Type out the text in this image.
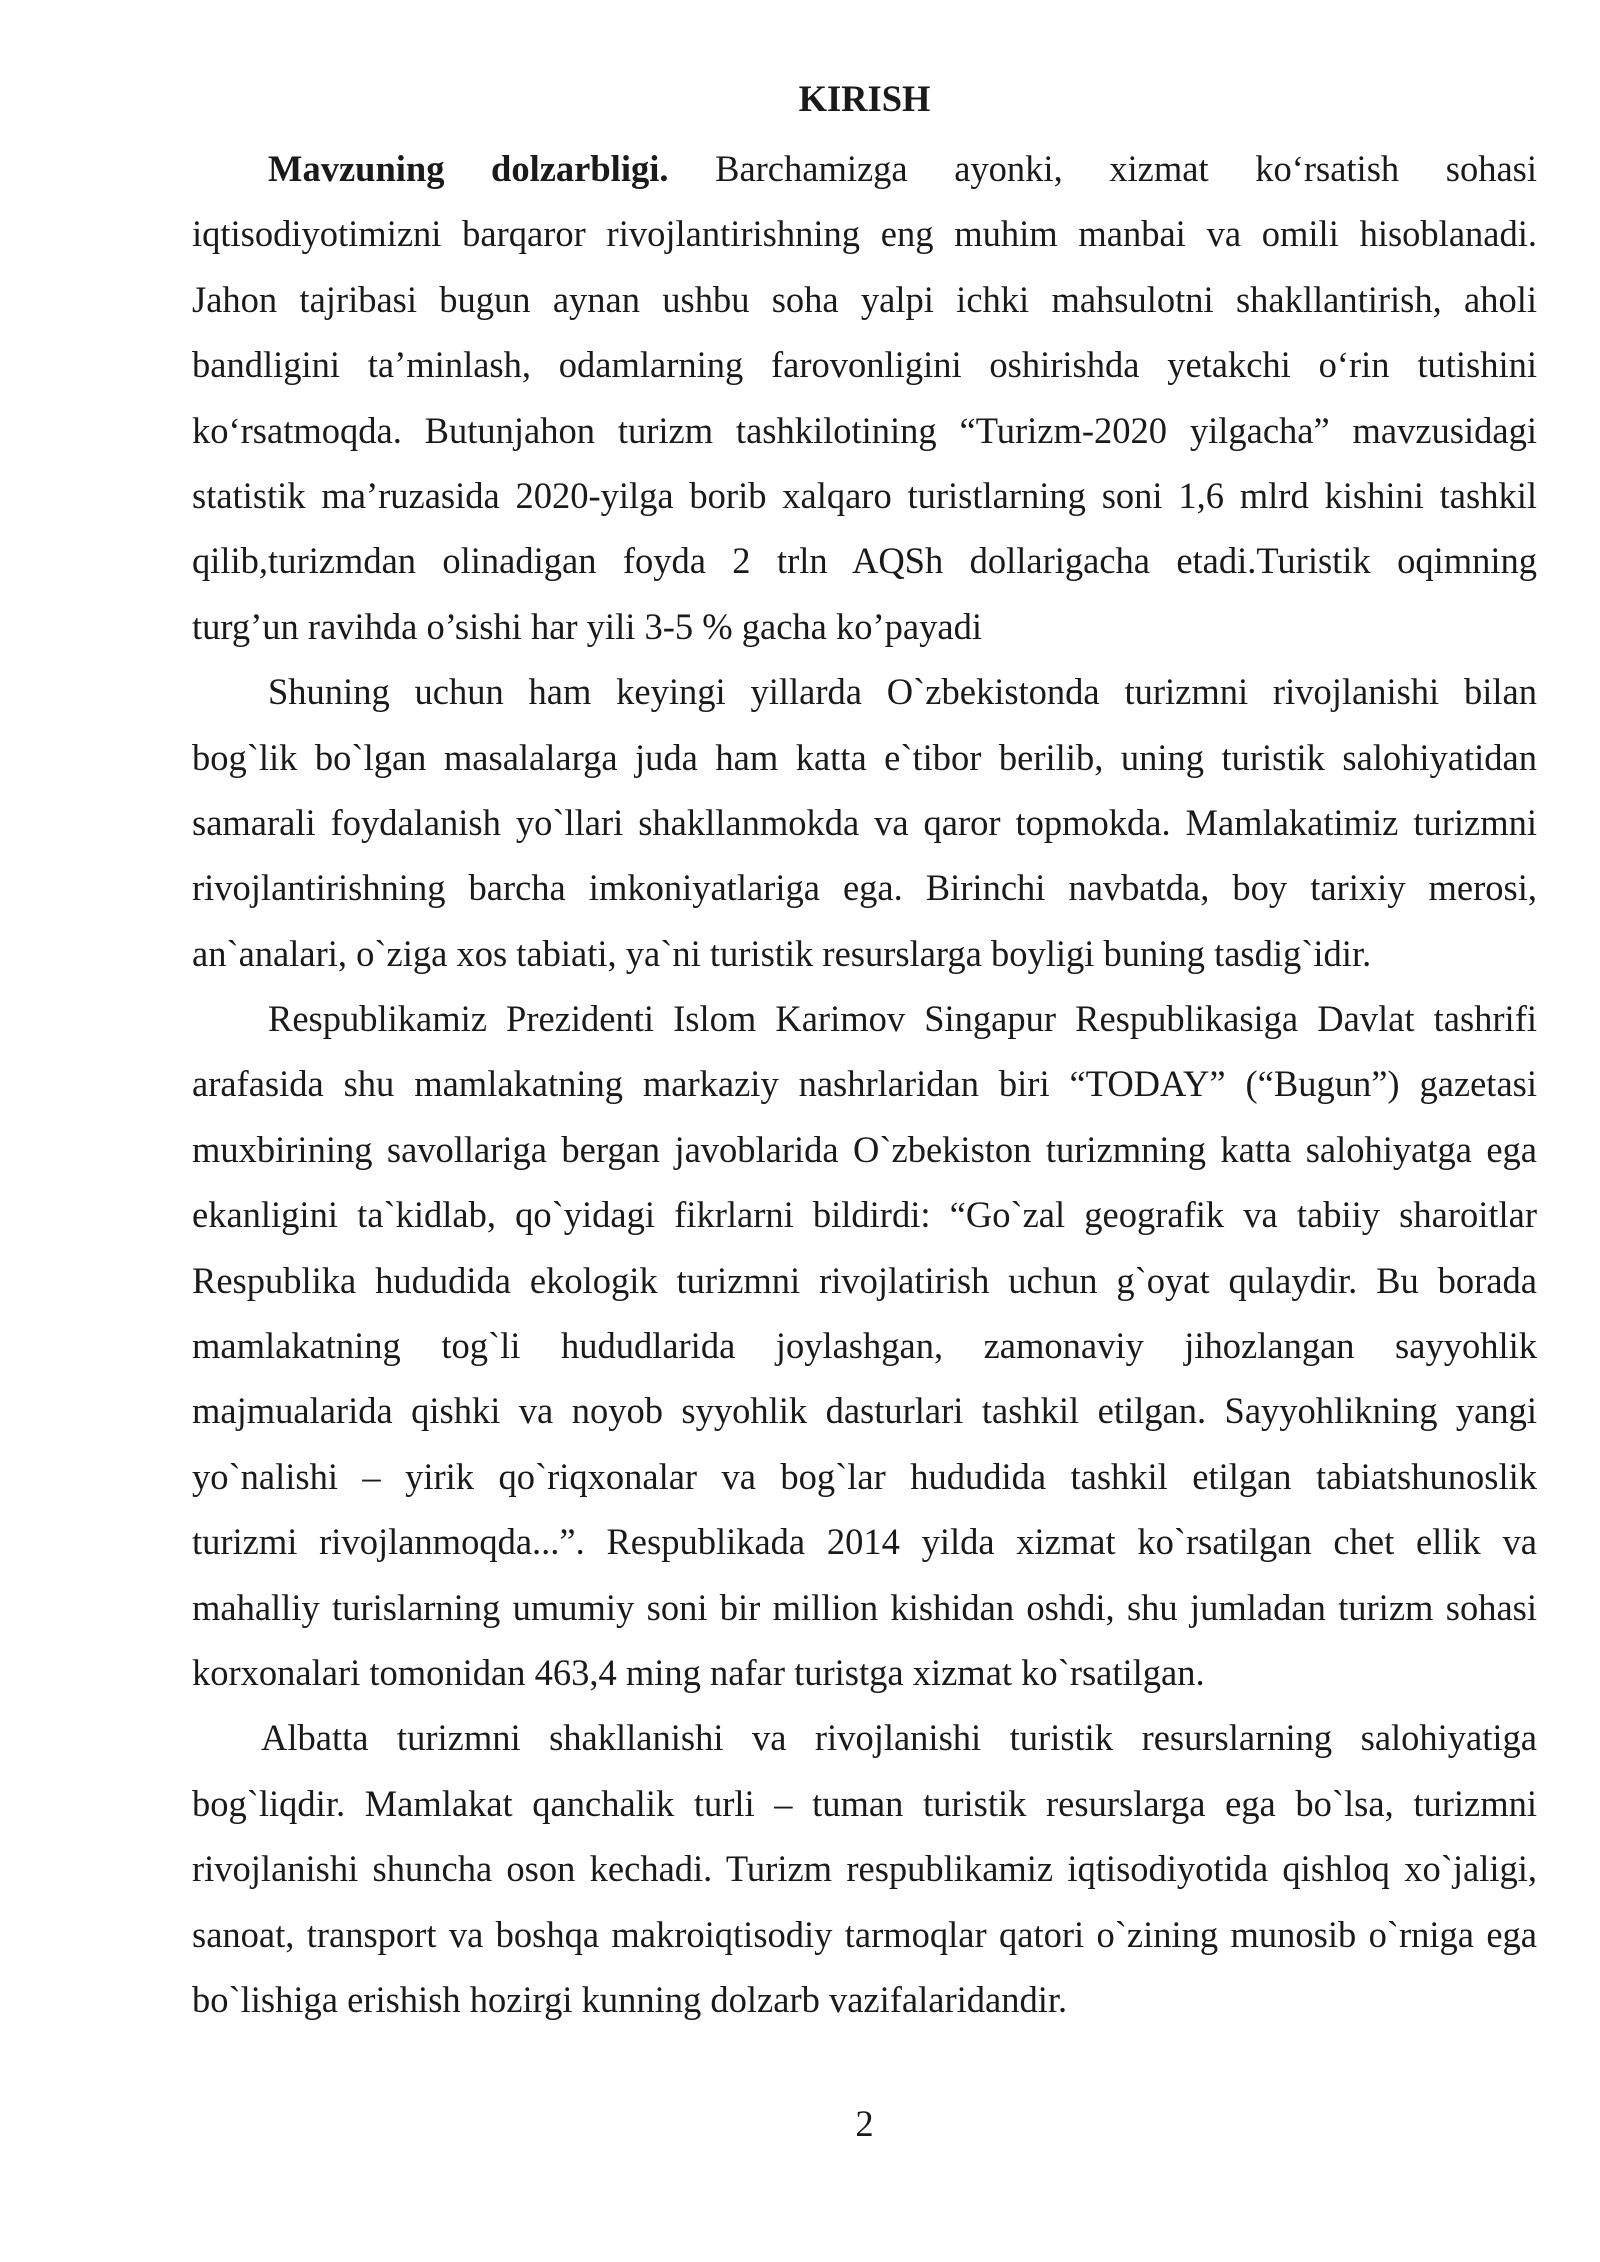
KIRISH
Mavzuning dolzarbligi. Barchamizga ayonki, xizmat ko‘rsatish sohasi
iqtisodiyotimizni barqaror rivojlantirishning eng muhim manbai va omili hisoblanadi.
Jahon tajribasi bugun aynan ushbu soha yalpi ichki mahsulotni shakllantirish, aholi
bandligini ta’minlash, odamlarning farovonligini oshirishda yetakchi o‘rin tutishini
ko‘rsatmoqda. Butunjahon turizm tashkilotining “Turizm-2020 yilgacha” mavzusidagi
statistik ma’ruzasida 2020-yilga borib xalqaro turistlarning soni 1,6 mlrd kishini tashkil
qilib,turizmdan olinadigan foyda 2 trln AQSh dollarigacha etadi.Turistik oqimning
turg’un ravihda o’sishi har yili 3-5 % gacha ko’payadi
Shuning uchun ham keyingi yillarda O`zbekistonda turizmni rivojlanishi bilan
bog`lik bo`lgan masalalarga juda ham katta e`tibor berilib, uning turistik salohiyatidan
samarali foydalanish yo`llari shakllanmokda va qaror topmokda. Mamlakatimiz turizmni
rivojlantirishning barcha imkoniyatlariga ega. Birinchi navbatda, boy tarixiy merosi,
an`analari, o`ziga xos tabiati, ya`ni turistik resurslarga boyligi buning tasdig`idir.
Respublikamiz Prezidenti Islom Karimov Singapur Respublikasiga Davlat tashrifi
arafasida shu mamlakatning markaziy nashrlaridan biri “TODAY” (“Bugun”) gazetasi
muxbirining savollariga bergan javoblarida O`zbekiston turizmning katta salohiyatga ega
ekanligini ta`kidlab, qo`yidagi fikrlarni bildirdi: “Go`zal geografik va tabiiy sharoitlar
Respublika hududida ekologik turizmni rivojlatirish uchun g`oyat qulaydir. Bu borada
mamlakatning tog`li hududlarida joylashgan, zamonaviy jihozlangan sayyohlik
majmualarida qishki va noyob syyohlik dasturlari tashkil etilgan. Sayyohlikning yangi
yo`nalishi – yirik qo`riqxonalar va bog`lar hududida tashkil etilgan tabiatshunoslik
turizmi rivojlanmoqda...”. Respublikada 2014 yilda xizmat ko`rsatilgan chet ellik va
mahalliy turislarning umumiy soni bir million kishidan oshdi, shu jumladan turizm sohasi
korxonalari tomonidan 463,4 ming nafar turistga xizmat ko`rsatilgan.
Albatta turizmni shakllanishi va rivojlanishi turistik resurslarning salohiyatiga
bog`liqdir. Mamlakat qanchalik turli – tuman turistik resurslarga ega bo`lsa, turizmni
rivojlanishi shuncha oson kechadi. Turizm respublikamiz iqtisodiyotida qishloq xo`jaligi,
sanoat, transport va boshqa makroiqtisodiy tarmoqlar qatori o`zining munosib o`rniga ega
bo`lishiga erishish hozirgi kunning dolzarb vazifalaridandir.
2
